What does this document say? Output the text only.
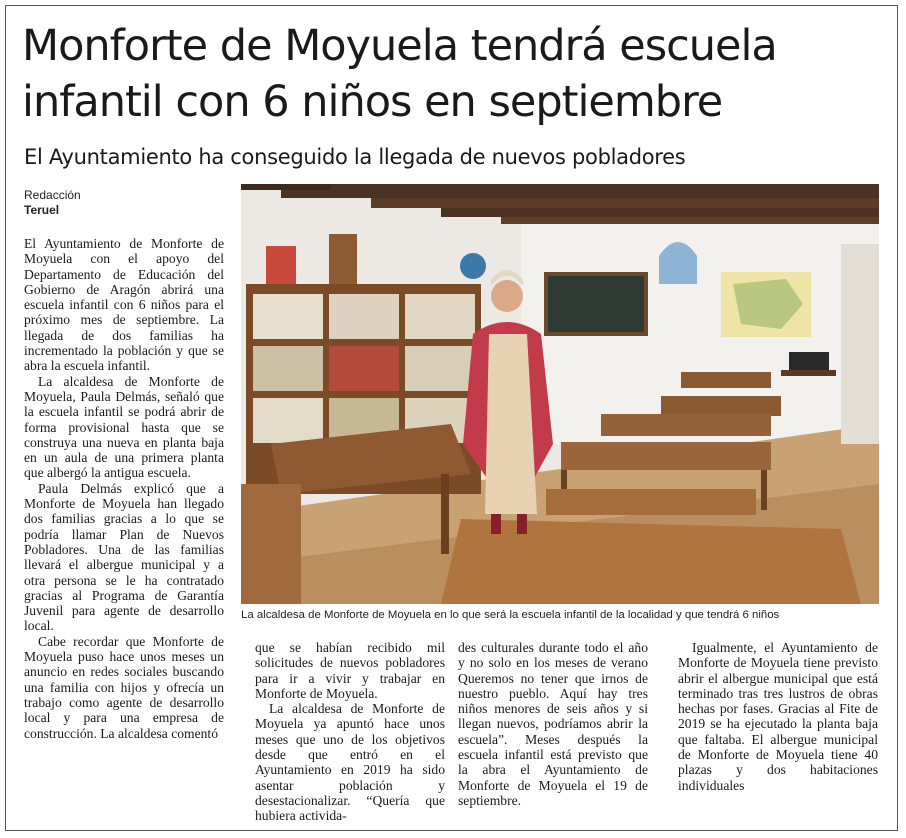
Monforte de Moyuela tendrá escuela infantil con 6 niños en septiembre
El Ayuntamiento ha conseguido la llegada de nuevos pobladores
Redacción
Teruel

El Ayuntamiento de Monforte de Moyuela con el apoyo del Departamento de Educación del Gobierno de Aragón abrirá una escuela infantil con 6 niños para el próximo mes de septiembre. La llegada de dos familias ha incrementado la población y que se abra la escuela infantil.

La alcaldesa de Monforte de Moyuela, Paula Delmás, señaló que la escuela infantil se podrá abrir de forma provisional hasta que se construya una nueva en planta baja en un aula de una primera planta que albergó la antigua escuela.

Paula Delmás explicó que a Monforte de Moyuela han llegado dos familias gracias a lo que se podría llamar Plan de Nuevos Pobladores. Una de las familias llevará el albergue municipal y a otra persona se le ha contratado gracias al Programa de Garantía Juvenil para agente de desarrollo local.

Cabe recordar que Monforte de Moyuela puso hace unos meses un anuncio en redes sociales buscando una familia con hijos y ofrecía un trabajo como agente de desarrollo local y para una empresa de construcción. La alcaldesa comentó

La alcaldesa de Monforte de Moyuela en lo que será la escuela infantil de la localidad y que tendrá 6 niños

que se habían recibido mil solicitudes de nuevos pobladores para ir a vivir y trabajar en Monforte de Moyuela.

La alcaldesa de Monforte de Moyuela ya apuntó hace unos meses que uno de los objetivos desde que entró en el Ayuntamiento en 2019 ha sido asentar población y desestacionalizar. “Quería que hubiera activida-

des culturales durante todo el año y no solo en los meses de verano Queremos no tener que irnos de nuestro pueblo. Aquí hay tres niños menores de seis años y si llegan nuevos, podríamos abrir la escuela”. Meses después la escuela infantil está previsto que la abra el Ayuntamiento de Monforte de Moyuela el 19 de septiembre.

Igualmente, el Ayuntamiento de Monforte de Moyuela tiene previsto abrir el albergue municipal que está terminado tras tres lustros de obras hechas por fases. Gracias al Fite de 2019 se ha ejecutado la planta baja que faltaba. El albergue municipal de Monforte de Moyuela tiene 40 plazas y dos habitaciones individuales
